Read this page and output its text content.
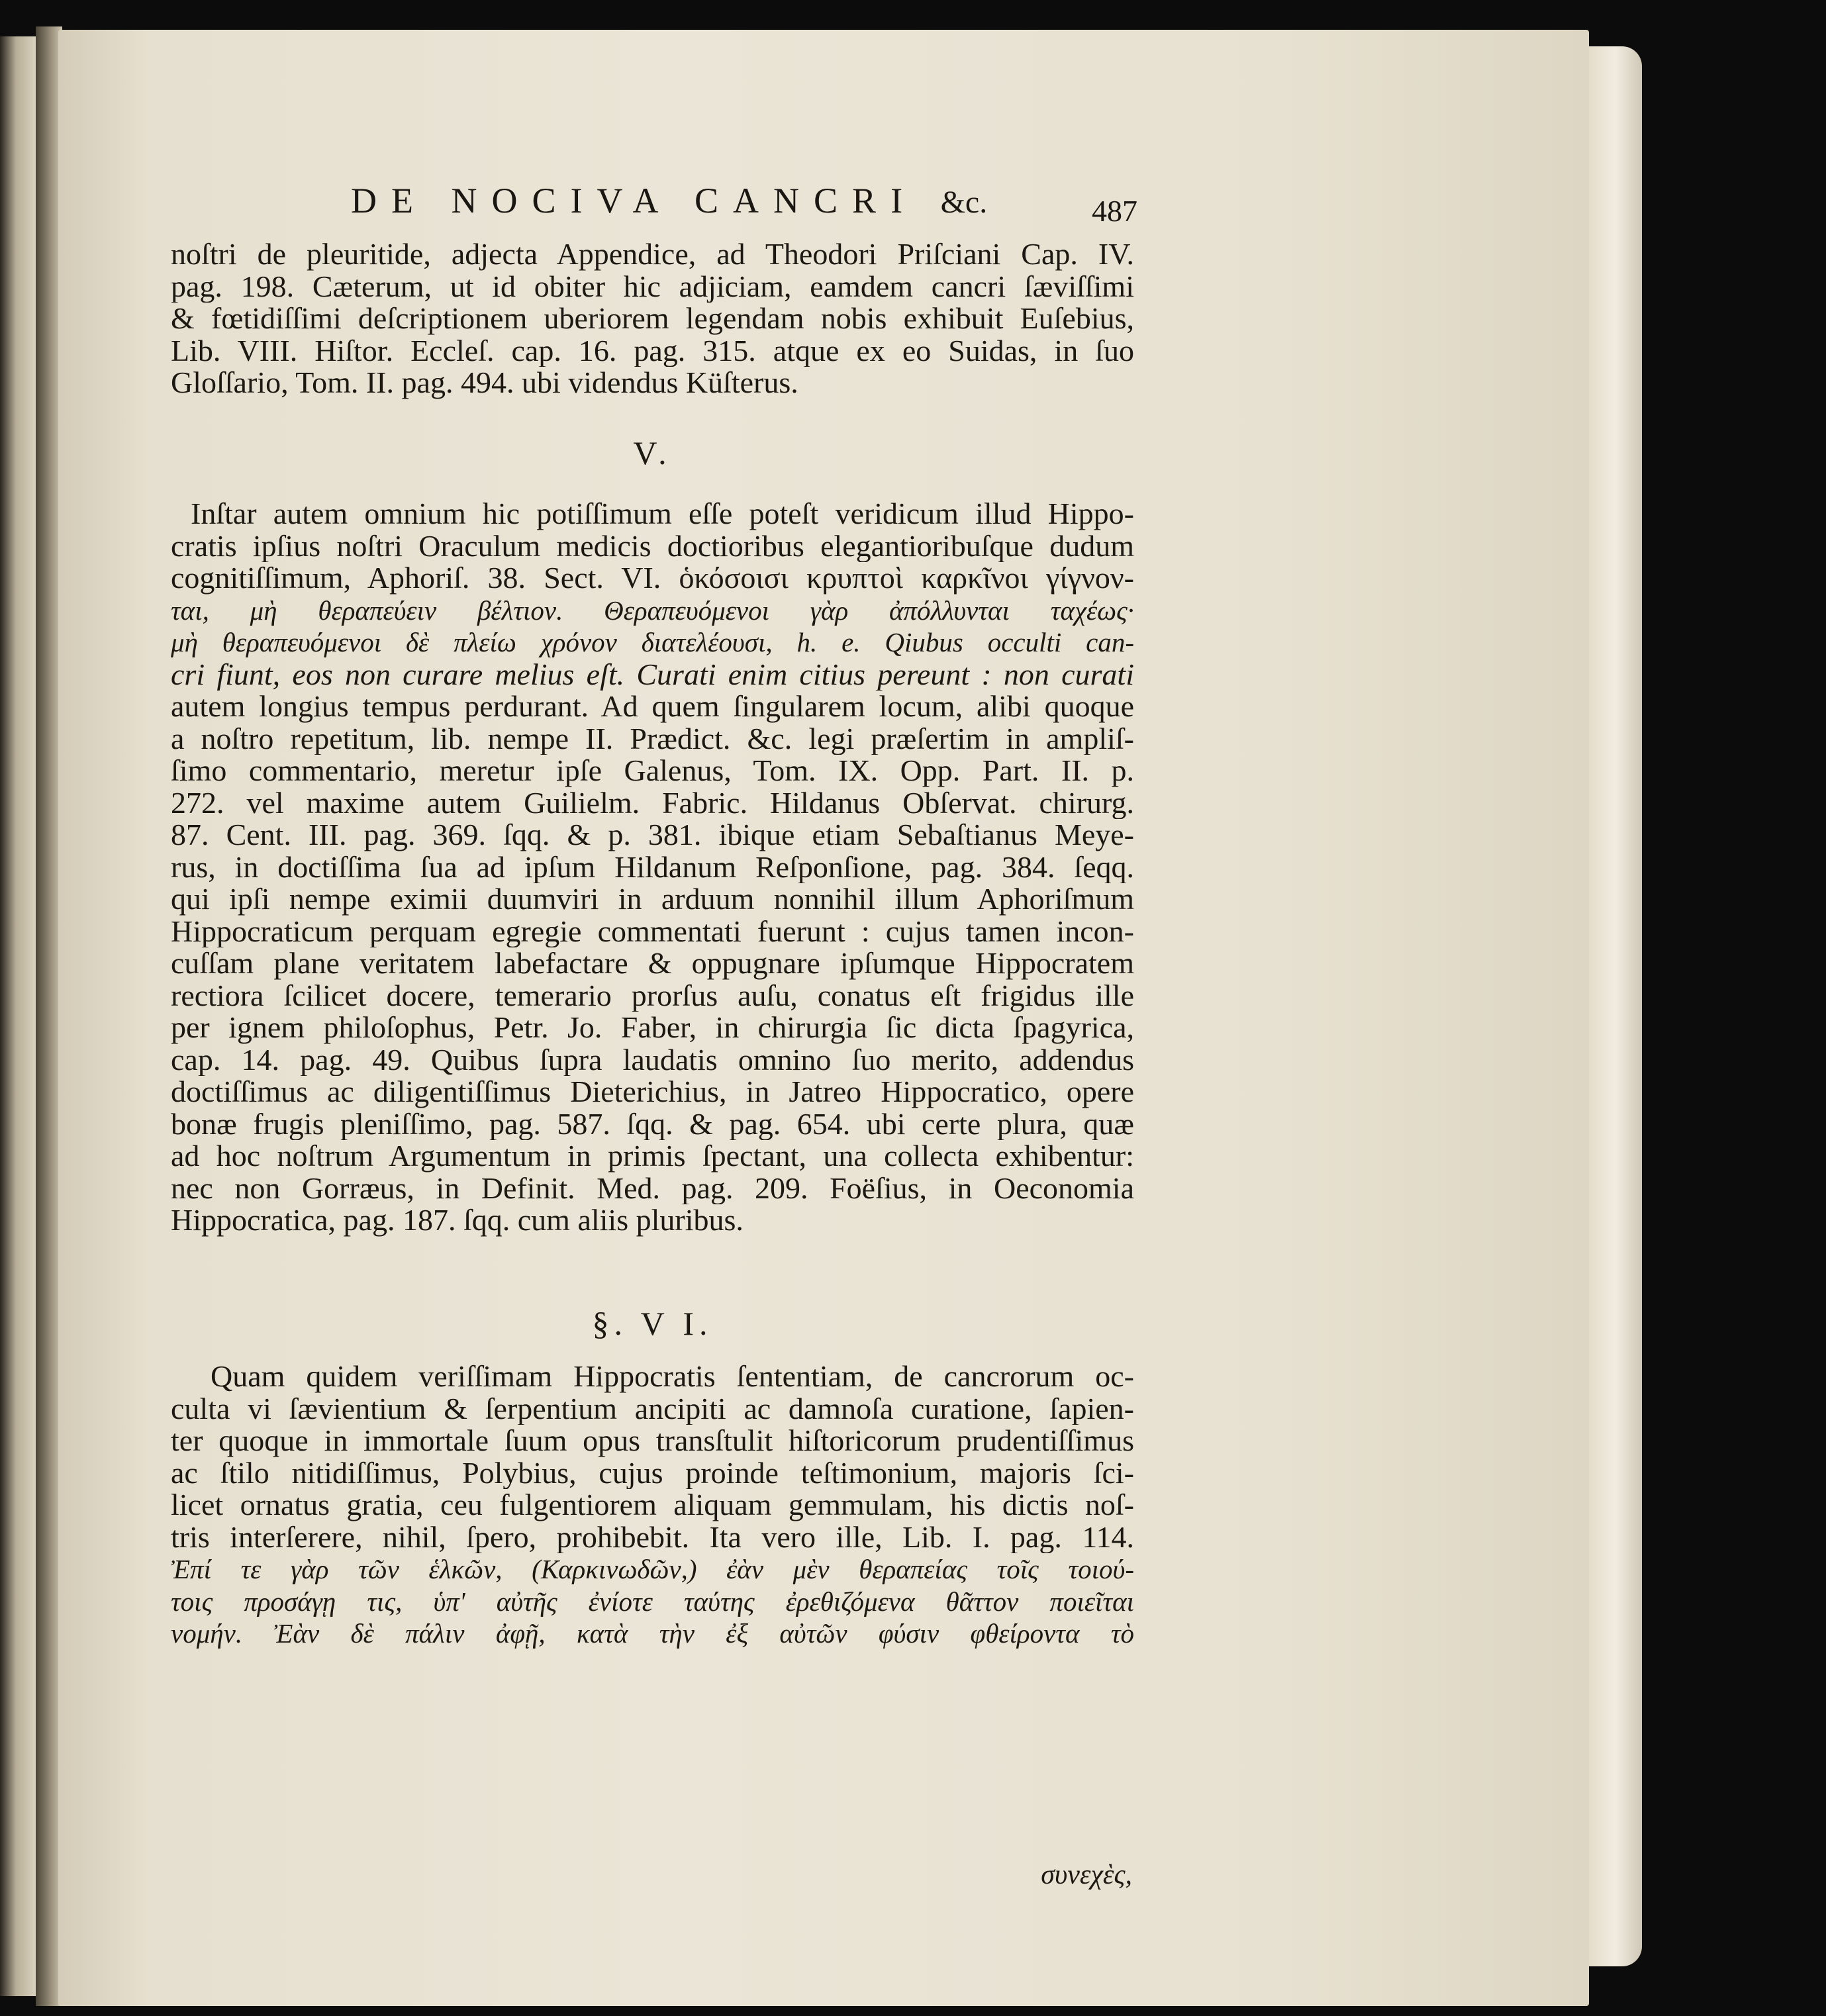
DE NOCIVA CANCRI &c.	487
noſtri de pleuritide, adjecta Appendice, ad Theodori Priſciani Cap. IV.
pag. 198. Cæterum, ut id obiter hic adjiciam, eamdem cancri ſæviſſimi
& fœtidiſſimi deſcriptionem uberiorem legendam nobis exhibuit Euſebius,
Lib. VIII. Hiſtor. Eccleſ. cap. 16. pag. 315. atque ex eo Suidas, in ſuo
Gloſſario, Tom. II. pag. 494. ubi videndus Küſterus.
V.
Inſtar autem omnium hic potiſſimum eſſe poteſt veridicum illud Hippo-
cratis ipſius noſtri Oraculum medicis doctioribus elegantioribuſque dudum
cognitiſſimum, Aphoriſ. 38. Sect. VI. ὁκόσοισι κρυπτοὶ καρκῖνοι γίγνον-
ται, μὴ θεραπεύειν βέλτιον. Θεραπευόμενοι γὰρ ἀπόλλυνται ταχέως·
μὴ θεραπευόμενοι δὲ πλείω χρόνον διατελέουσι, h. e. Qiubus occulti can-
cri fiunt, eos non curare melius eſt. Curati enim citius pereunt : non curati
autem longius tempus perdurant. Ad quem ſingularem locum, alibi quoque
a noſtro repetitum, lib. nempe II. Prædict. &c. legi præſertim in ampliſ-
ſimo commentario, meretur ipſe Galenus, Tom. IX. Opp. Part. II. p.
272. vel maxime autem Guilielm. Fabric. Hildanus Obſervat. chirurg.
87. Cent. III. pag. 369. ſqq. & p. 381. ibique etiam Sebaſtianus Meye-
rus, in doctiſſima ſua ad ipſum Hildanum Reſponſione, pag. 384. ſeqq.
qui ipſi nempe eximii duumviri in arduum nonnihil illum Aphoriſmum
Hippocraticum perquam egregie commentati fuerunt : cujus tamen incon-
cuſſam plane veritatem labefactare & oppugnare ipſumque Hippocratem
rectiora ſcilicet docere, temerario prorſus auſu, conatus eſt frigidus ille
per ignem philoſophus, Petr. Jo. Faber, in chirurgia ſic dicta ſpagyrica,
cap. 14. pag. 49. Quibus ſupra laudatis omnino ſuo merito, addendus
doctiſſimus ac diligentiſſimus Dieterichius, in Jatreo Hippocratico, opere
bonæ frugis pleniſſimo, pag. 587. ſqq. & pag. 654. ubi certe plura, quæ
ad hoc noſtrum Argumentum in primis ſpectant, una collecta exhibentur:
nec non Gorræus, in Definit. Med. pag. 209. Foëſius, in Oeconomia
Hippocratica, pag. 187. ſqq. cum aliis pluribus.
§. V I.
Quam quidem veriſſimam Hippocratis ſententiam, de cancrorum oc-
culta vi ſævientium & ſerpentium ancipiti ac damnoſa curatione, ſapien-
ter quoque in immortale ſuum opus transſtulit hiſtoricorum prudentiſſimus
ac ſtilo nitidiſſimus, Polybius, cujus proinde teſtimonium, majoris ſci-
licet ornatus gratia, ceu fulgentiorem aliquam gemmulam, his dictis noſ-
tris interſerere, nihil, ſpero, prohibebit. Ita vero ille, Lib. I. pag. 114.
Ἐπί τε γὰρ τῶν ἑλκῶν, (Καρκινωδῶν,) ἐὰν μὲν θεραπείας τοῖς τοιού-
τοις προσάγῃ τις, ὑπ' αὐτῆς ἐνίοτε ταύτης ἐρεθιζόμενα θᾶττον ποιεῖται
νομήν. Ἐὰν δὲ πάλιν ἀφῇ, κατὰ τὴν ἐξ αὐτῶν φύσιν φθείροντα τὸ
συνεχὲς,
